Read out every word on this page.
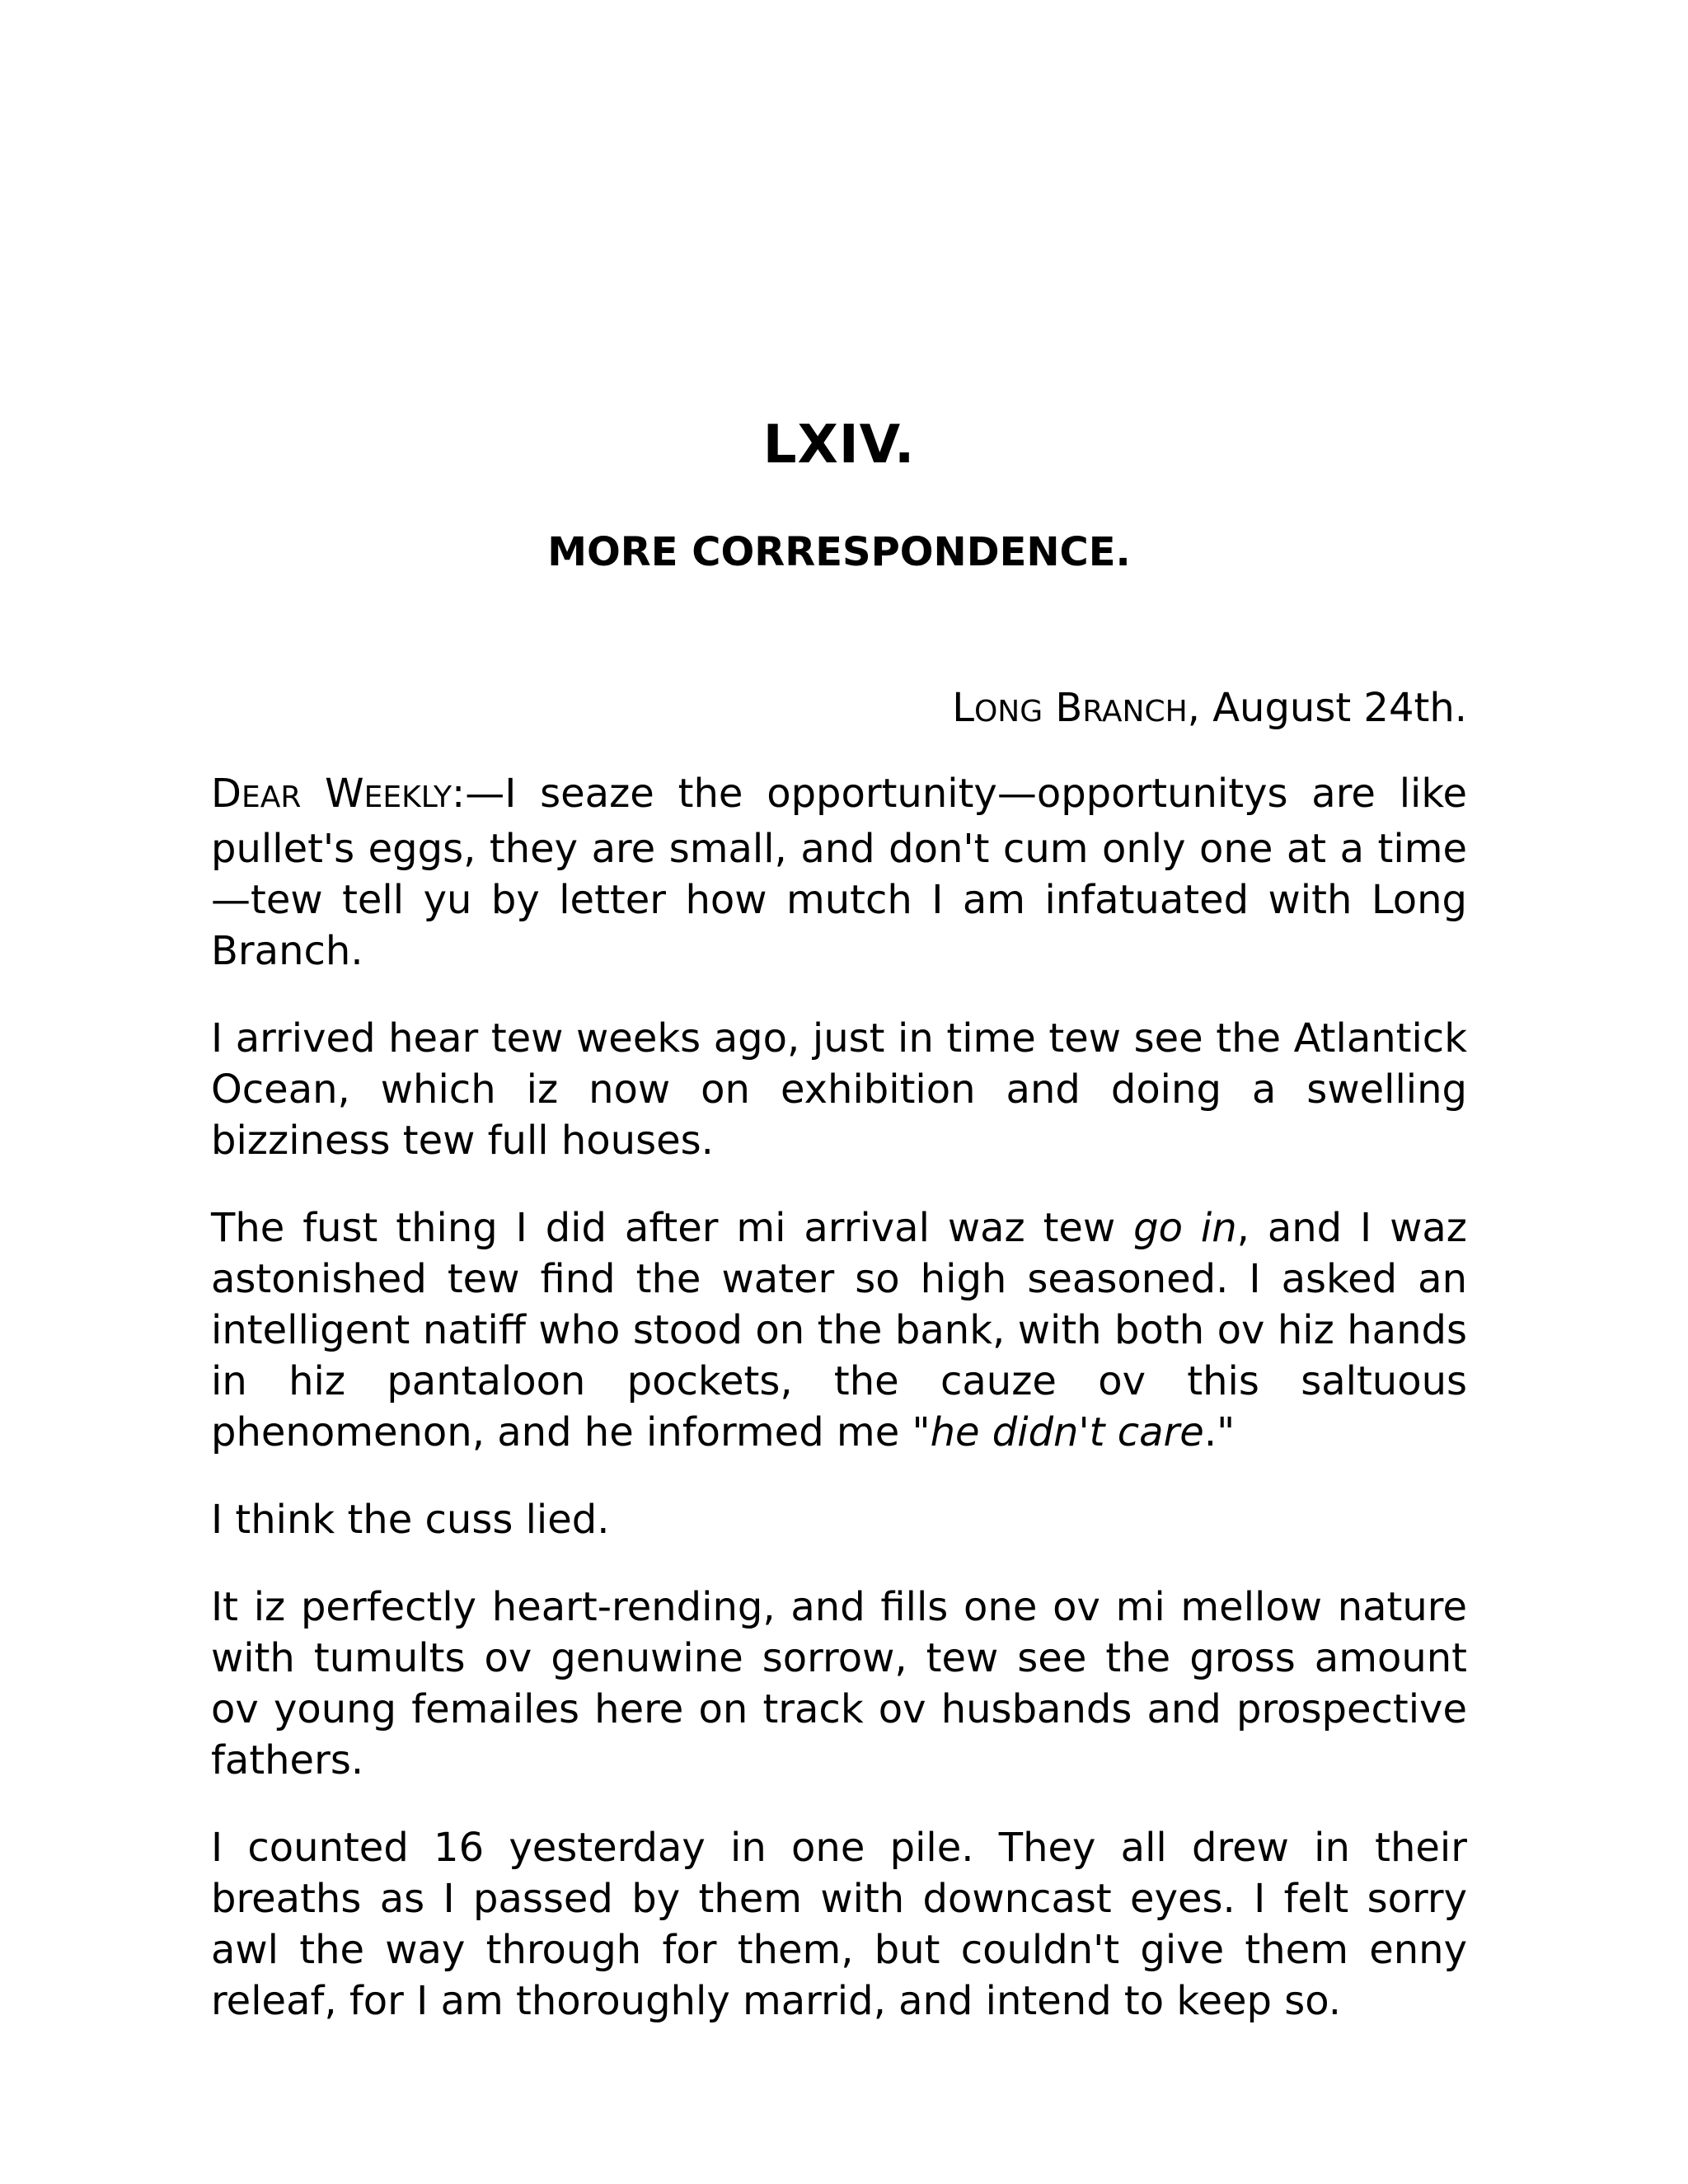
LXIV.
MORE CORRESPONDENCE.
LONG BRANCH, August 24th.

DEAR WEEKLY:—I seaze the opportunity—opportunitys are like pullet's eggs, they are small, and don't cum only one at a time—tew tell yu by letter how mutch I am infatuated with Long Branch.

I arrived hear tew weeks ago, just in time tew see the Atlantick Ocean, which iz now on exhibition and doing a swelling bizziness tew full houses.

The fust thing I did after mi arrival waz tew go in, and I waz astonished tew find the water so high seasoned. I asked an intelligent natiff who stood on the bank, with both ov hiz hands in hiz pantaloon pockets, the cauze ov this saltuous phenomenon, and he informed me "he didn't care."

I think the cuss lied.

It iz perfectly heart-rending, and fills one ov mi mellow nature with tumults ov genuwine sorrow, tew see the gross amount ov young femailes here on track ov husbands and prospective fathers.

I counted 16 yesterday in one pile. They all drew in their breaths as I passed by them with downcast eyes. I felt sorry awl the way through for them, but couldn't give them enny releaf, for I am thoroughly marrid, and intend to keep so.
